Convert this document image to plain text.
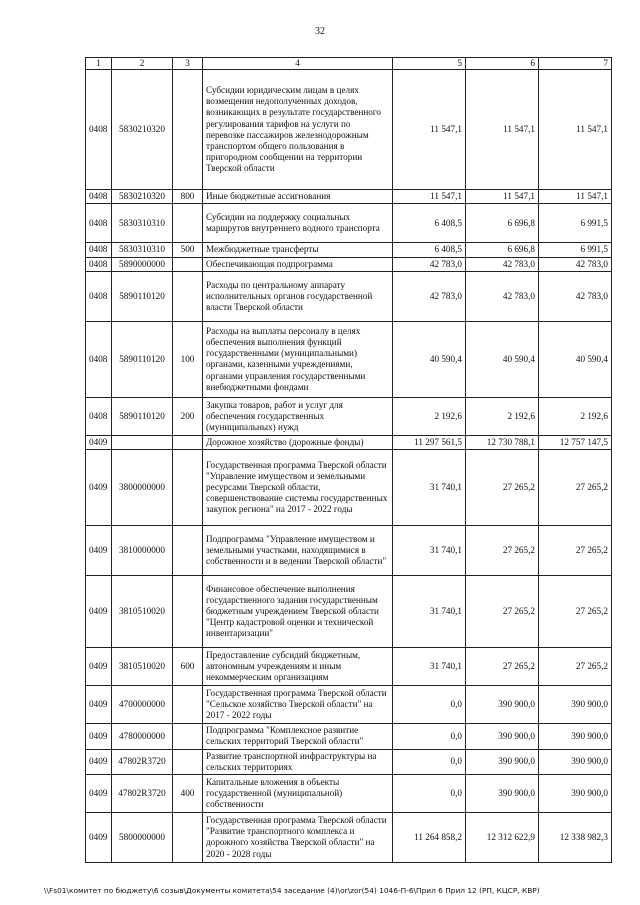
32
1	2	3	4	5	6	7
0408	5830210320		Субсидии юридическим лицам в целях возмещения недополученных доходов, возникающих в результате государственного регулирования тарифов на услуги по перевозке пассажиров железнодорожным транспортом общего пользования в пригородном сообщении на территории Тверской области	11 547,1	11 547,1	11 547,1
0408	5830210320	800	Иные бюджетные ассигнования	11 547,1	11 547,1	11 547,1
0408	5830310310		Субсидии на поддержку социальных маршрутов внутреннего водного транспорта	6 408,5	6 696,8	6 991,5
0408	5830310310	500	Межбюджетные трансферты	6 408,5	6 696,8	6 991,5
0408	5890000000		Обеспечивающая подпрограмма	42 783,0	42 783,0	42 783,0
0408	5890110120		Расходы по центральному аппарату исполнительных органов государственной власти Тверской области	42 783,0	42 783,0	42 783,0
0408	5890110120	100	Расходы на выплаты персоналу в целях обеспечения выполнения функций государственными (муниципальными) органами, казенными учреждениями, органами управления государственными внебюджетными фондами	40 590,4	40 590,4	40 590,4
0408	5890110120	200	Закупка товаров, работ и услуг для обеспечения государственных (муниципальных) нужд	2 192,6	2 192,6	2 192,6
0409			Дорожное хозяйство (дорожные фонды)	11 297 561,5	12 730 788,1	12 757 147,5
0409	3800000000		Государственная программа Тверской области "Управление имуществом и земельными ресурсами Тверской области, совершенствование системы государственных закупок региона" на 2017 - 2022 годы	31 740,1	27 265,2	27 265,2
0409	3810000000		Подпрограмма "Управление имуществом и земельными участками, находящимися в собственности и в ведении Тверской области"	31 740,1	27 265,2	27 265,2
0409	3810510020		Финансовое обеспечение выполнения государственного задания государственным бюджетным учреждением Тверской области "Центр кадастровой оценки и технической инвентаризации"	31 740,1	27 265,2	27 265,2
0409	3810510020	600	Предоставление субсидий бюджетным, автономным учреждениям и иным некоммерческим организациям	31 740,1	27 265,2	27 265,2
0409	4700000000		Государственная программа Тверской области "Сельское хозяйство Тверской области" на 2017 - 2022 годы	0,0	390 900,0	390 900,0
0409	4780000000		Подпрограмма "Комплексное развитие сельских территорий Тверской области"	0,0	390 900,0	390 900,0
0409	47802R3720		Развитие транспортной инфраструктуры на сельских территориях	0,0	390 900,0	390 900,0
0409	47802R3720	400	Капитальные вложения в объекты государственной (муниципальной) собственности	0,0	390 900,0	390 900,0
0409	5800000000		Государственная программа Тверской области "Развитие транспортного комплекса и дорожного хозяйства Тверской области" на 2020 - 2028 годы	11 264 858,2	12 312 622,9	12 338 982,3
\\Fs01\комитет по бюджету\6 созыв\Документы комитета\54 заседание (4)\or\zor(54) 1046-П-6\Прил 6 Прил 12 (РП, КЦСР, КВР)
